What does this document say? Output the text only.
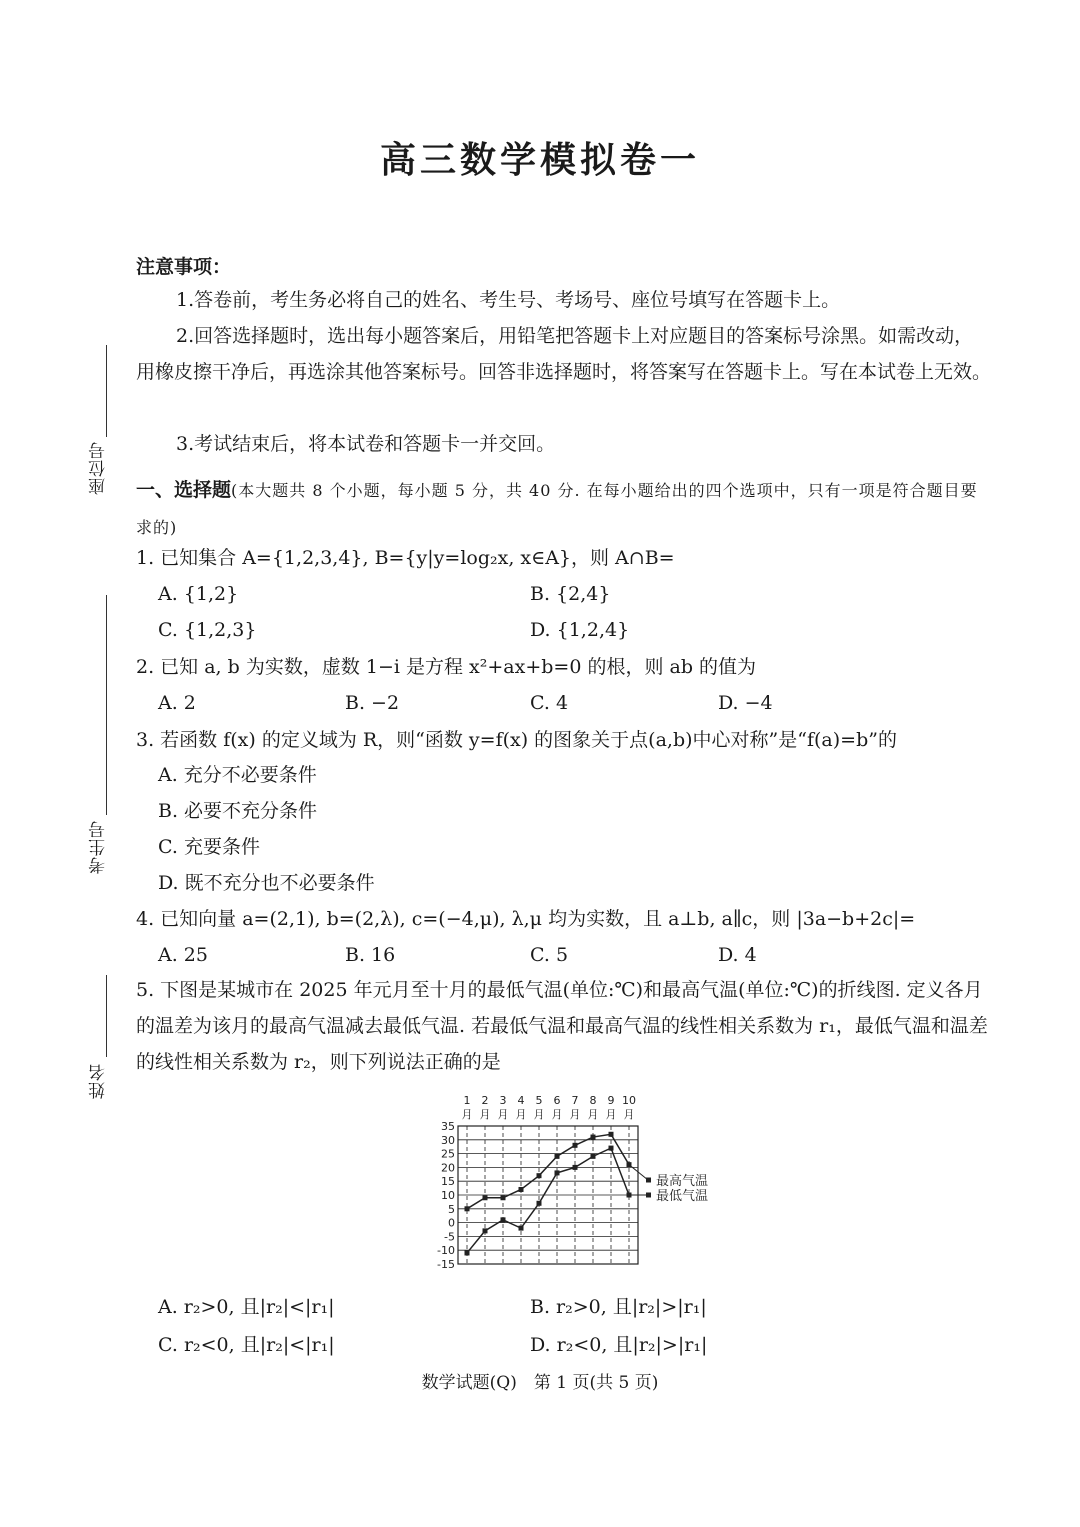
座位号
考生号
姓名
高三数学模拟卷一
注意事项：
1.答卷前，考生务必将自己的姓名、考生号、考场号、座位号填写在答题卡上。
2.回答选择题时，选出每小题答案后，用铅笔把答题卡上对应题目的答案标号涂黑。如需改动，用橡皮擦干净后，再选涂其他答案标号。回答非选择题时，将答案写在答题卡上。写在本试卷上无效。
3.考试结束后，将本试卷和答题卡一并交回。
一、选择题(本大题共 8 个小题，每小题 5 分，共 40 分. 在每小题给出的四个选项中，只有一项是符合题目要求的)
1. 已知集合 A={1,2,3,4}, B={y|y=log₂x, x∈A}，则 A∩B=
A. {1,2}	B. {2,4}
C. {1,2,3}	D. {1,2,4}
2. 已知 a, b 为实数，虚数 1−i 是方程 x²+ax+b=0 的根，则 ab 的值为
A. 2	B. −2	C. 4	D. −4
3. 若函数 f(x) 的定义域为 R，则“函数 y=f(x) 的图象关于点(a,b)中心对称”是“f(a)=b”的
A. 充分不必要条件
B. 必要不充分条件
C. 充要条件
D. 既不充分也不必要条件
4. 已知向量 a=(2,1), b=(2,λ), c=(−4,μ), λ,μ 均为实数，且 a⊥b, a∥c，则 |3a−b+2c|=
A. 25	B. 16	C. 5	D. 4
5. 下图是某城市在 2025 年元月至十月的最低气温(单位:℃)和最高气温(单位:℃)的折线图. 定义各月的温差为该月的最高气温减去最低气温. 若最低气温和最高气温的线性相关系数为 r₁，最低气温和温差的线性相关系数为 r₂，则下列说法正确的是
35
30
25
20
15
10
5
0
-5
-10
-15
1
月
2
月
3
月
4
月
5
月
6
月
7
月
8
月
9
月
10
月
最高气温
最低气温
A. r₂>0, 且|r₂|<|r₁|	B. r₂>0, 且|r₂|>|r₁|
C. r₂<0, 且|r₂|<|r₁|	D. r₂<0, 且|r₂|>|r₁|
数学试题(Q)　第 1 页(共 5 页)
